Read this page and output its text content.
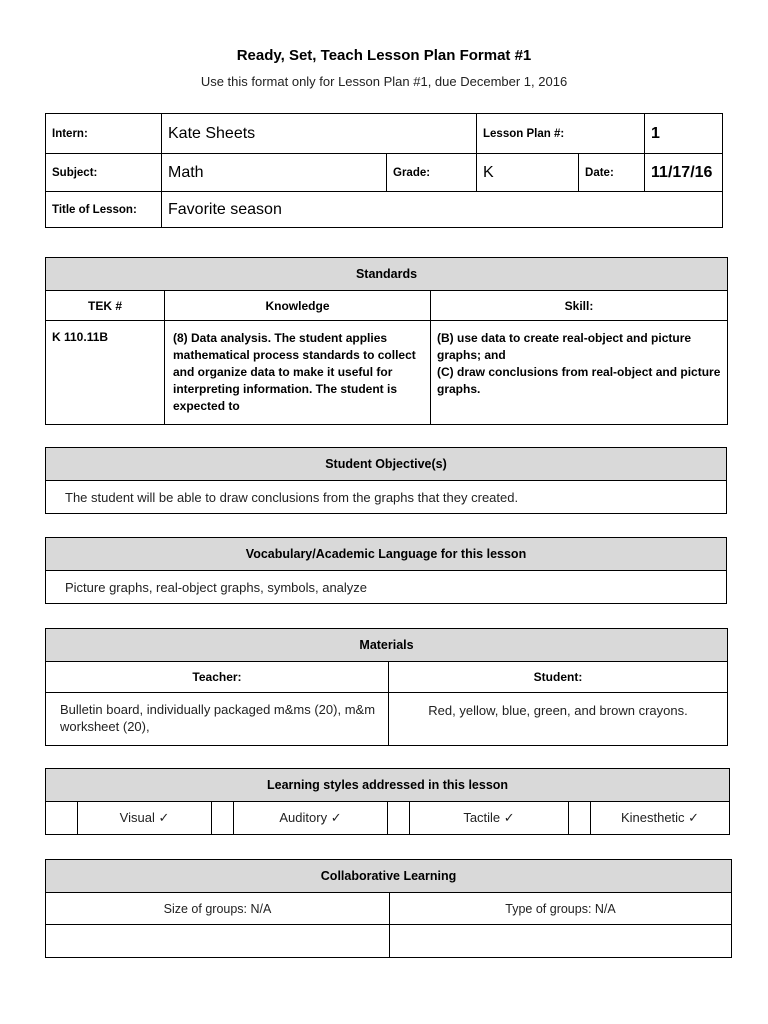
Ready, Set, Teach Lesson Plan Format #1
Use this format only for Lesson Plan #1, due December 1, 2016
Intern:	Kate Sheets		Lesson Plan #:		1
Subject:	Math	Grade:	K	Date:	11/17/16
Title of Lesson:	Favorite season				
Standards		
TEK #	Knowledge	Skill:
K 110.11B	(8) Data analysis. The student applies mathematical process standards to collect and organize data to make it useful for interpreting information. The student is expected to	(B) use data to create real-object and picture graphs; and
(C) draw conclusions from real-object and picture graphs.
Student Objective(s)
The student will be able to draw conclusions from the graphs that they created.
Vocabulary/Academic Language for this lesson
Picture graphs, real-object graphs, symbols, analyze
Materials	
Teacher:	Student:
Bulletin board, individually packaged m&ms (20), m&m worksheet (20),	Red, yellow, blue, green, and brown crayons.
Learning styles addressed in this lesson
	Visual ✓		Auditory ✓		Tactile ✓		Kinesthetic ✓
Collaborative Learning	
Size of groups: N/A	Type of groups: N/A
